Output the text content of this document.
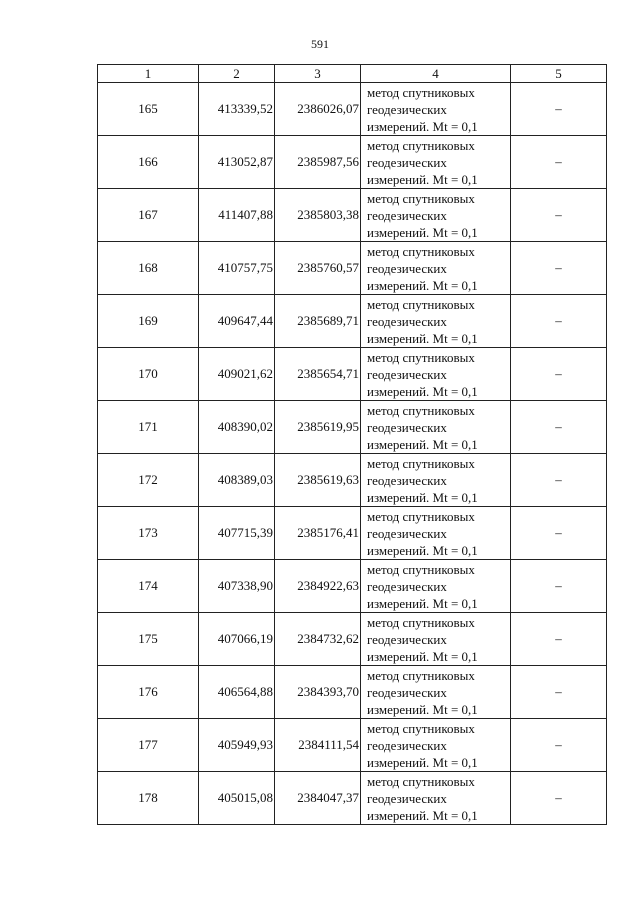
591
1	2	3	4	5
165	413339,52	2386026,07	метод спутниковых
геодезических
измерений. Mt = 0,1	–
166	413052,87	2385987,56	метод спутниковых
геодезических
измерений. Mt = 0,1	–
167	411407,88	2385803,38	метод спутниковых
геодезических
измерений. Mt = 0,1	–
168	410757,75	2385760,57	метод спутниковых
геодезических
измерений. Mt = 0,1	–
169	409647,44	2385689,71	метод спутниковых
геодезических
измерений. Mt = 0,1	–
170	409021,62	2385654,71	метод спутниковых
геодезических
измерений. Mt = 0,1	–
171	408390,02	2385619,95	метод спутниковых
геодезических
измерений. Mt = 0,1	–
172	408389,03	2385619,63	метод спутниковых
геодезических
измерений. Mt = 0,1	–
173	407715,39	2385176,41	метод спутниковых
геодезических
измерений. Mt = 0,1	–
174	407338,90	2384922,63	метод спутниковых
геодезических
измерений. Mt = 0,1	–
175	407066,19	2384732,62	метод спутниковых
геодезических
измерений. Mt = 0,1	–
176	406564,88	2384393,70	метод спутниковых
геодезических
измерений. Mt = 0,1	–
177	405949,93	2384111,54	метод спутниковых
геодезических
измерений. Mt = 0,1	–
178	405015,08	2384047,37	метод спутниковых
геодезических
измерений. Mt = 0,1	–
